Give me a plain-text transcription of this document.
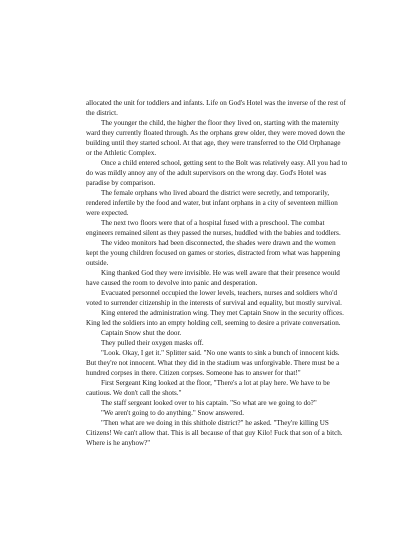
allocated the unit for toddlers and infants. Life on God's Hotel was the inverse of the rest of the district.

The younger the child, the higher the floor they lived on, starting with the maternity ward they currently floated through. As the orphans grew older, they were moved down the building until they started school. At that age, they were transferred to the Old Orphanage or the Athletic Complex.

Once a child entered school, getting sent to the Bolt was relatively easy. All you had to do was mildly annoy any of the adult supervisors on the wrong day. God's Hotel was paradise by comparison.

The female orphans who lived aboard the district were secretly, and temporarily, rendered infertile by the food and water, but infant orphans in a city of seventeen million were expected.

The next two floors were that of a hospital fused with a preschool. The combat engineers remained silent as they passed the nurses, huddled with the babies and toddlers.

The video monitors had been disconnected, the shades were drawn and the women kept the young children focused on games or stories, distracted from what was happening outside.

King thanked God they were invisible. He was well aware that their presence would have caused the room to devolve into panic and desperation.

Evacuated personnel occupied the lower levels, teachers, nurses and soldiers who'd voted to surrender citizenship in the interests of survival and equality, but mostly survival.

King entered the administration wing. They met Captain Snow in the security offices. King led the soldiers into an empty holding cell, seeming to desire a private conversation.

Captain Snow shut the door.

They pulled their oxygen masks off.

"Look. Okay, I get it." Splitter said. "No one wants to sink a bunch of innocent kids. But they're not innocent. What they did in the stadium was unforgivable. There must be a hundred corpses in there. Citizen corpses. Someone has to answer for that!"

First Sergeant King looked at the floor, "There's a lot at play here. We have to be cautious. We don't call the shots."

The staff sergeant looked over to his captain. "So what are we going to do?"

"We aren't going to do anything." Snow answered.

"Then what are we doing in this shithole district?" he asked. "They're killing US Citizens! We can't allow that. This is all because of that guy Kilo! Fuck that son of a bitch. Where is he anyhow?"
